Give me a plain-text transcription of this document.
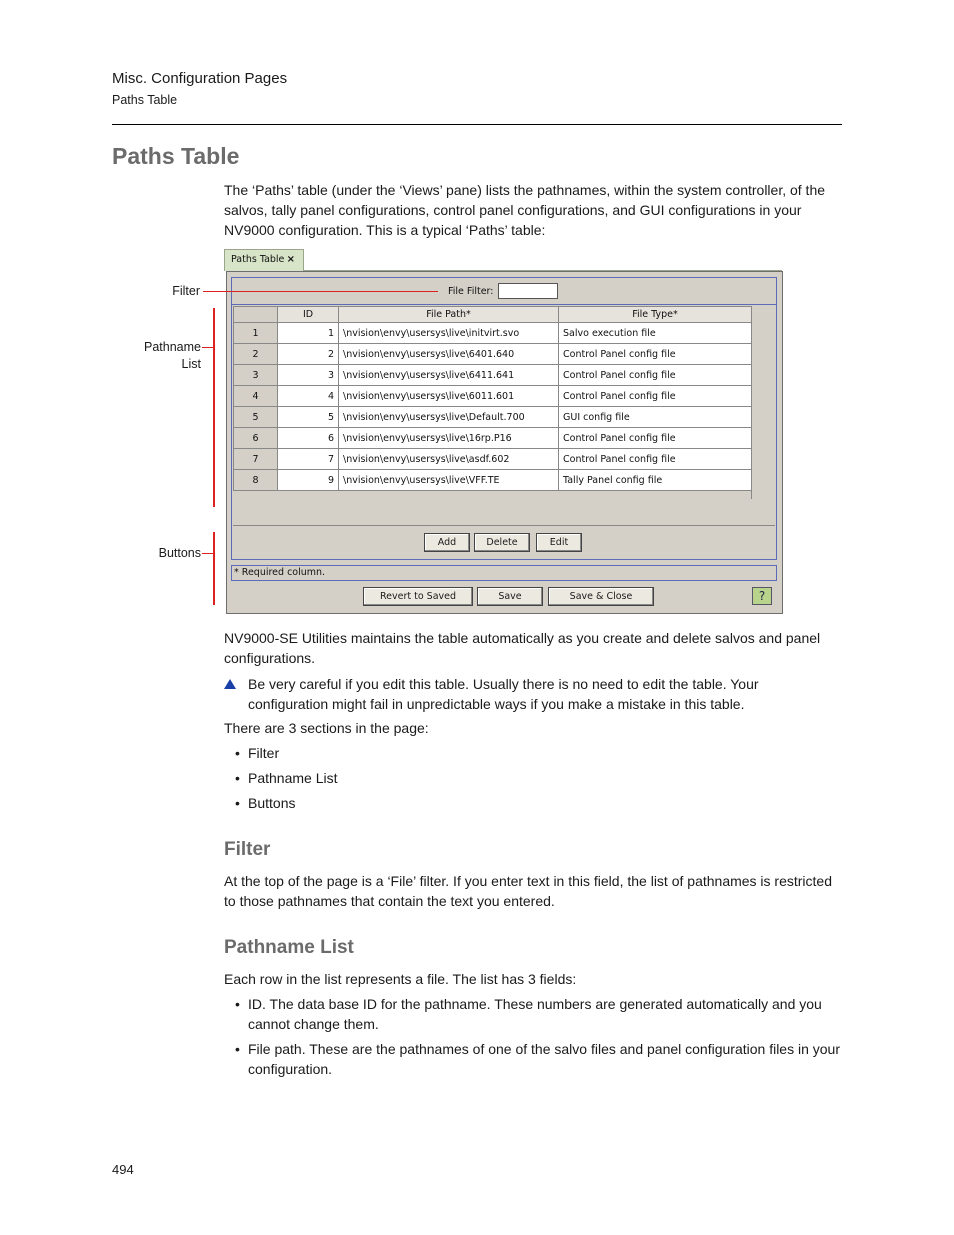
Misc. Configuration Pages
Paths Table
Paths Table
The ‘Paths’ table (under the ‘Views’ pane) lists the pathnames, within the system controller, of the salvos, tally panel configurations, control panel configurations, and GUI configurations in your NV9000 configuration. This is a typical ‘Paths’ table:
Paths Table ×
File Filter:
	ID	File Path*	File Type*
1	1	\nvision\envy\usersys\live\initvirt.svo	Salvo execution file
2	2	\nvision\envy\usersys\live\6401.640	Control Panel config file
3	3	\nvision\envy\usersys\live\6411.641	Control Panel config file
4	4	\nvision\envy\usersys\live\6011.601	Control Panel config file
5	5	\nvision\envy\usersys\live\Default.700	GUI config file
6	6	\nvision\envy\usersys\live\16rp.P16	Control Panel config file
7	7	\nvision\envy\usersys\live\asdf.602	Control Panel config file
8	9	\nvision\envy\usersys\live\VFF.TE	Tally Panel config file
Add	Delete	Edit
* Required column.
Revert to Saved	Save	Save & Close	?
Filter
Pathname
List
Buttons
NV9000-SE Utilities maintains the table automatically as you create and delete salvos and panel configurations.
Be very careful if you edit this table. Usually there is no need to edit the table. Your configuration might fail in unpredictable ways if you make a mistake in this table.
There are 3 sections in the page:
• Filter
• Pathname List
• Buttons
Filter
At the top of the page is a ‘File’ filter. If you enter text in this field, the list of pathnames is restricted to those pathnames that contain the text you entered.
Pathname List
Each row in the list represents a file. The list has 3 fields:
• ID. The data base ID for the pathname. These numbers are generated automatically and you cannot change them.
• File path. These are the pathnames of one of the salvo files and panel configuration files in your configuration.
494
